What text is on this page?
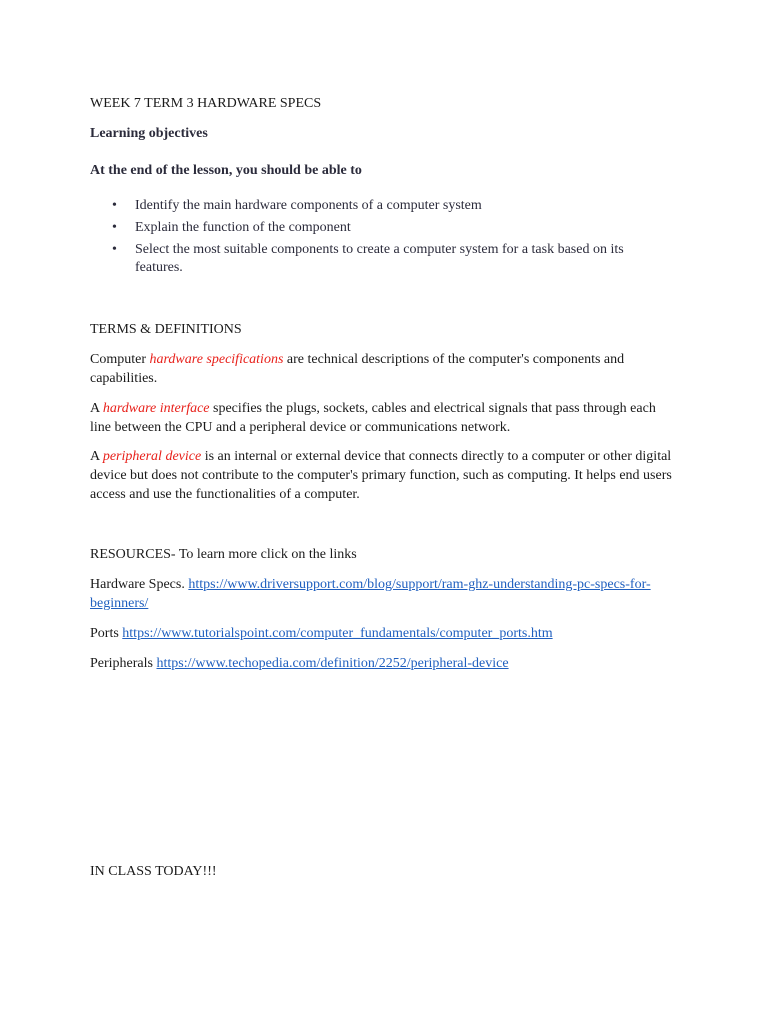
WEEK 7 TERM 3 HARDWARE SPECS
Learning objectives
At the end of the lesson, you should be able to
• Identify the main hardware components of a computer system
• Explain the function of the component
• Select the most suitable components to create a computer system for a task based on its features.
TERMS & DEFINITIONS
Computer hardware specifications are technical descriptions of the computer's components and capabilities.
A hardware interface specifies the plugs, sockets, cables and electrical signals that pass through each line between the CPU and a peripheral device or communications network.
A peripheral device is an internal or external device that connects directly to a computer or other digital device but does not contribute to the computer's primary function, such as computing. It helps end users access and use the functionalities of a computer.
RESOURCES- To learn more click on the links
Hardware Specs. https://www.driversupport.com/blog/support/ram-ghz-understanding-pc-specs-for-beginners/
Ports https://www.tutorialspoint.com/computer_fundamentals/computer_ports.htm
Peripherals https://www.techopedia.com/definition/2252/peripheral-device
IN CLASS TODAY!!!
